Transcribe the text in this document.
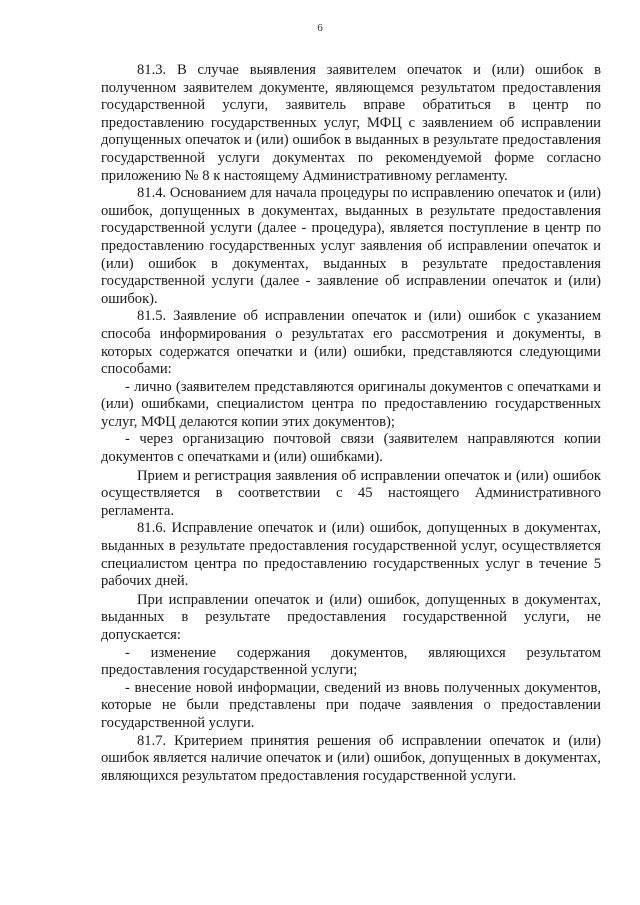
6

81.3. В случае выявления заявителем опечаток и (или) ошибок в полученном заявителем документе, являющемся результатом предоставления государственной услуги, заявитель вправе обратиться в центр по предоставлению государственных услуг, МФЦ с заявлением об исправлении допущенных опечаток и (или) ошибок в выданных в результате предоставления государственной услуги документах по рекомендуемой форме согласно приложению № 8 к настоящему Административному регламенту.

81.4. Основанием для начала процедуры по исправлению опечаток и (или) ошибок, допущенных в документах, выданных в результате предоставления государственной услуги (далее - процедура), является поступление в центр по предоставлению государственных услуг заявления об исправлении опечаток и (или) ошибок в документах, выданных в результате предоставления государственной услуги (далее - заявление об исправлении опечаток и (или) ошибок).

81.5. Заявление об исправлении опечаток и (или) ошибок с указанием способа информирования о результатах его рассмотрения и документы, в которых содержатся опечатки и (или) ошибки, представляются следующими способами:

- лично (заявителем представляются оригиналы документов с опечатками и (или) ошибками, специалистом центра по предоставлению государственных услуг, МФЦ делаются копии этих документов);

- через организацию почтовой связи (заявителем направляются копии документов с опечатками и (или) ошибками).

Прием и регистрация заявления об исправлении опечаток и (или) ошибок осуществляется в соответствии с 45 настоящего Административного регламента.

81.6. Исправление опечаток и (или) ошибок, допущенных в документах, выданных в результате предоставления государственной услуг, осуществляется специалистом центра по предоставлению государственных услуг в течение 5 рабочих дней.

При исправлении опечаток и (или) ошибок, допущенных в документах, выданных в результате предоставления государственной услуги, не допускается:

- изменение содержания документов, являющихся результатом предоставления государственной услуги;

- внесение новой информации, сведений из вновь полученных документов, которые не были представлены при подаче заявления о предоставлении государственной услуги.

81.7. Критерием принятия решения об исправлении опечаток и (или) ошибок является наличие опечаток и (или) ошибок, допущенных в документах, являющихся результатом предоставления государственной услуги.
